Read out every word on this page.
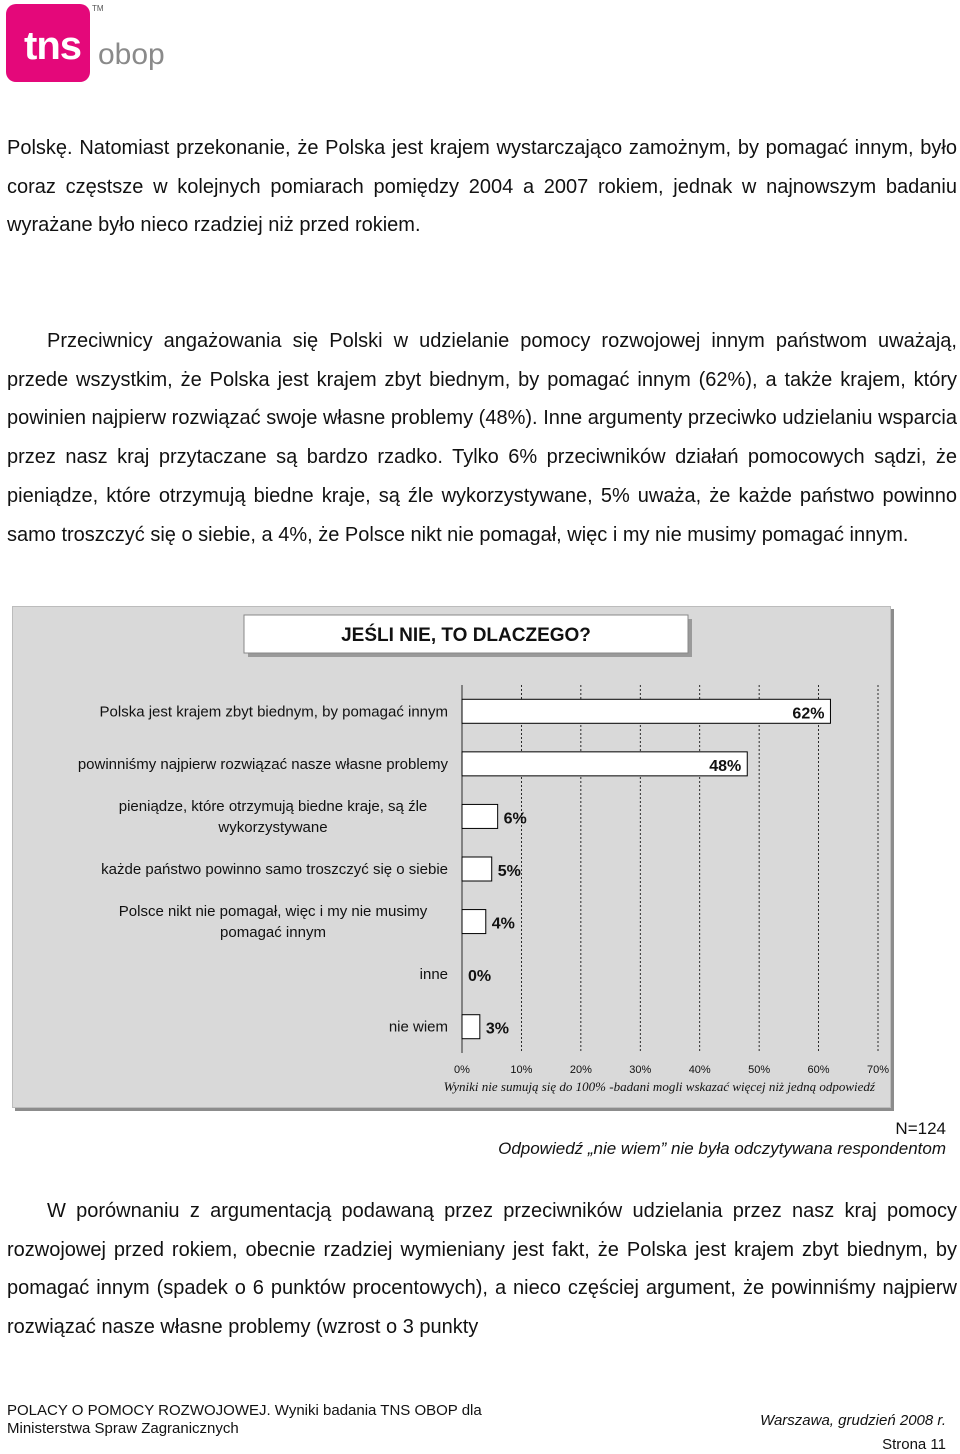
tns
TM
obop

Polskę. Natomiast przekonanie, że Polska jest krajem wystarczająco zamożnym, by pomagać innym, było coraz częstsze w kolejnych pomiarach pomiędzy 2004 a 2007 rokiem, jednak w najnowszym badaniu wyrażane było nieco rzadziej niż przed rokiem.

Przeciwnicy angażowania się Polski w udzielanie pomocy rozwojowej innym państwom uważają, przede wszystkim, że Polska jest krajem zbyt biednym, by pomagać innym (62%), a także krajem, który powinien najpierw rozwiązać swoje własne problemy (48%). Inne argumenty przeciwko udzielaniu wsparcia przez nasz kraj przytaczane są bardzo rzadko. Tylko 6% przeciwników działań pomocowych sądzi, że pieniądze, które otrzymują biedne kraje, są źle wykorzystywane, 5% uważa, że każde państwo powinno samo troszczyć się o siebie, a 4%, że Polsce nikt nie pomagał, więc i my nie musimy pomagać innym.

JEŚLI NIE, TO DLACZEGO?
0%	10%	20%	30%	40%	50%	60%	70%
62%
Polska jest krajem zbyt biednym, by pomagać innym
48%
powinniśmy najpierw rozwiązać nasze własne problemy
6%
pieniądze, które otrzymują biedne kraje, są źle
wykorzystywane
5%
każde państwo powinno samo troszczyć się o siebie
4%
Polsce nikt nie pomagał, więc i my nie musimy
pomagać innym
0%
inne
3%
nie wiem
Wyniki nie sumują się do 100% -badani mogli wskazać więcej niż jedną odpowiedź
N=124
Odpowiedź „nie wiem” nie była odczytywana respondentom

W porównaniu z argumentacją podawaną przez przeciwników udzielania przez nasz kraj pomocy rozwojowej przed rokiem, obecnie rzadziej wymieniany jest fakt, że Polska jest krajem zbyt biednym, by pomagać innym (spadek o 6 punktów procentowych), a nieco częściej argument, że powinniśmy najpierw rozwiązać nasze własne problemy (wzrost o 3 punkty

POLACY O POMOCY ROZWOJOWEJ. Wyniki badania TNS OBOP dla
Ministerstwa Spraw Zagranicznych	Warszawa, grudzień 2008 r.
Strona 11
